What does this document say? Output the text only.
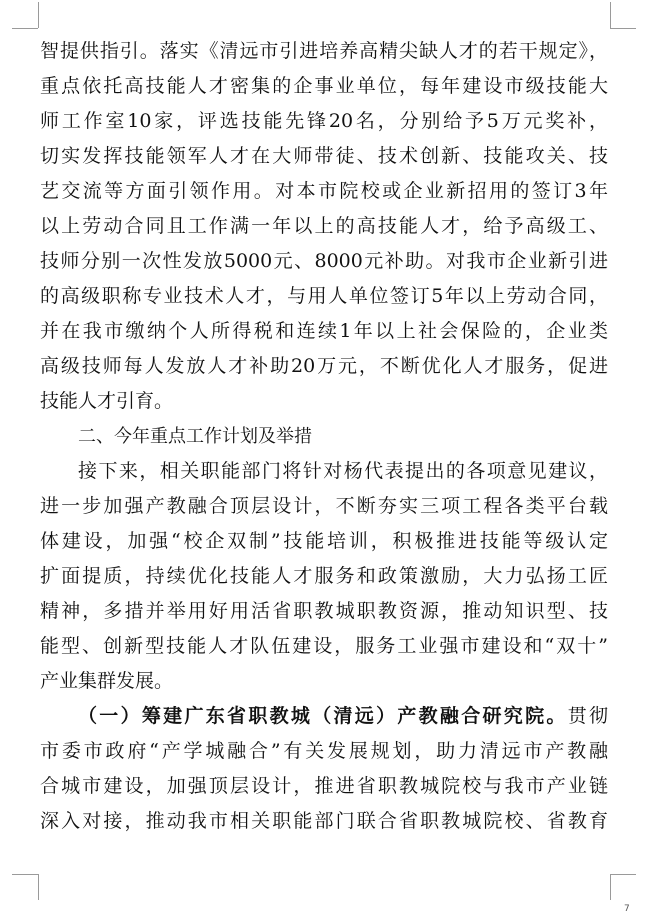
智提供指引。落实《清远市引进培养高精尖缺人才的若干规定》，
重点依托高技能人才密集的企事业单位，每年建设市级技能大
师工作室10家，评选技能先锋20名，分别给予5万元奖补，
切实发挥技能领军人才在大师带徒、技术创新、技能攻关、技
艺交流等方面引领作用。对本市院校或企业新招用的签订3年
以上劳动合同且工作满一年以上的高技能人才，给予高级工、
技师分别一次性发放5000元、8000元补助。对我市企业新引进
的高级职称专业技术人才，与用人单位签订5年以上劳动合同，
并在我市缴纳个人所得税和连续1年以上社会保险的，企业类
高级技师每人发放人才补助20万元，不断优化人才服务，促进
技能人才引育。
二、今年重点工作计划及举措
接下来，相关职能部门将针对杨代表提出的各项意见建议，
进一步加强产教融合顶层设计，不断夯实三项工程各类平台载
体建设，加强“校企双制”技能培训，积极推进技能等级认定
扩面提质，持续优化技能人才服务和政策激励，大力弘扬工匠
精神，多措并举用好用活省职教城职教资源，推动知识型、技
能型、创新型技能人才队伍建设，服务工业强市建设和“双十”
产业集群发展。
（一）筹建广东省职教城（清远）产教融合研究院。贯彻
市委市政府“产学城融合”有关发展规划，助力清远市产教融
合城市建设，加强顶层设计，推进省职教城院校与我市产业链
深入对接，推动我市相关职能部门联合省职教城院校、省教育
7
